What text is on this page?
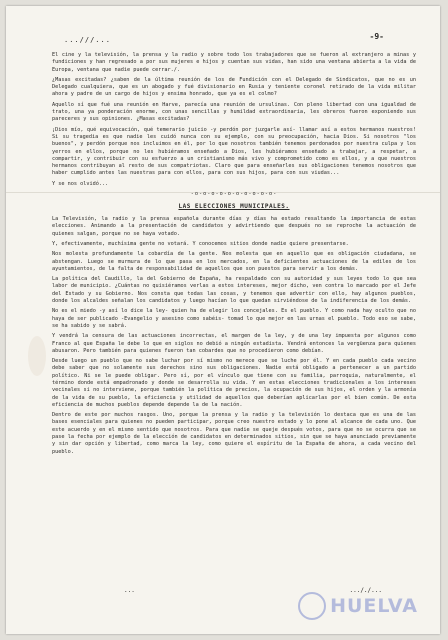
...///...	-9-

El cine y la televisión, la prensa y la radio y sobre todo los trabajadores que se fueron al extranjero a minas y fundiciones y han regresado a por sus mujeres e hijos y cuentan sus vidas, han sido una ventana abierta a la vida de Europa, ventana que nadie puede cerrar./.

¿Masas excitadas? ¿saben de la última reunión de los de Fundición con el Delegado de Sindicatos, que no es un Delegado cualquiera, que es un abogado y fué divisionario en Rusia y teniente coronel retirado de la vida militar ahora y padre de un cargo de hijos y ensima honrado, que ya es el colmo?

Aquello sí que fué una reunión en Harve, parecía una reunión de ursulinas. Con pleno libertad con una igualdad de trato, una ya ponderación enorme, con unas sencillas y humildad extraordinaria, les obreros fueron exponiendo sus pareceres y sus opiniones. ¿Masas excitadas?

¡Dios mío, qué equivocación, qué temerario juicio -y perdón por juzgarle así- llamar así a estos hermanos nuestros! Si su tragedia es que nadie les cuidó nunca con su ejemplo, con su preocupación, hacia Dios. Si nosotros "los buenos", y perdón porque nos incluimos en él, por lo que nosotros también tenemos perdonados por nuestra culpa y los yerros en ellos, porque no les hubiéramos enseñado a Dios, les hubiéramos enseñado a trabajar, a respetar, a compartir, y contribuir con su esfuerzo a un cristianismo más vivo y comprometido como es ellos, y a que nuestros hermanos contribuyan al resto de sus compatriotas. Claro que para enseñarles sus obligaciones tenemos nosotros que haber cumplido antes las nuestras para con ellos, para con sus hijos, para con sus viudas...

Y se nos olvidó...

-o-o-o-o-o-o-o-o-o-o-
LAS ELECCIONES MUNICIPALES.

La Televisión, la radio y la prensa española durante días y días ha estado resaltando la importancia de estas elecciones. Animando a la presentación de candidatos y advirtiendo que después no se reproche la actuación de quienes salgan, porque no se haya votado.

Y, efectivamente, muchísima gente no votará. Y conocemos sitios donde nadie quiere presentarse.

Nos molesta profundamente la cobardía de la gente. Nos molesta que en aquello que es obligación ciudadana, se abstengan. Luego se murmura de lo que pasa en los mercados, en la deficientes actuaciones de la ediles de los ayuntamientos, de la falta de responsabilidad de aquellos que son puestos para servir a los demás.

La política del Caudillo, la del Gobierno de España, ha respaldado con su autoridad y sus leyes todo lo que sea labor de municipio. ¿Cuántas no quisiéramos verlas a estos intereses, mejor dicho, ven contra lo marcado por el Jefe del Estado y su Gobierno. Nos consta que todas las cosas, y tenemos que advertir con ello, hay algunos pueblos, donde los alcaldes señalan los candidatos y luego hacían lo que quedan sirviéndose de la indiferencia de los demás.

No es el miedo -y así lo dice la ley- quien ha de elegir los concejales. Es el pueblo. Y como nada hay oculto que no haya de ser publicado -Evangelio y asesino como sabéis- tomad lo que mejor en las urnas el pueblo. Todo eso se sabe, se ha sabido y se sabrá.

Y vendrá la censura de las actuaciones incorrectas, el margen de la ley, y de una ley impuesta por algunos como Franco al que España le debe lo que en siglos no debió a ningún estadista. Vendrá entonces la vergüenza para quienes abusaron. Pero también para quienes fueron tan cobardes que no procedieron como debían.

Desde luego un pueblo que no sabe luchar por sí mismo no merece que se luche por él. Y en cada pueblo cada vecino debe saber que no solamente sus derechos sino sus obligaciones. Nadie está obligado a pertenecer a un partido político. Ni se le puede obligar. Pero sí, por el vínculo que tiene con su familia, parroquia, naturalmente, el término donde está empadronado y donde se desarrolla su vida. Y en estas elecciones tradicionales a los intereses vecinales si no interviene, porque también la política de precios, la ocupación de sus hijos, el orden y la armonía de la vida de su pueblo, la eficiencia y utilidad de aquellos que deberían aplicarlas por el bien común. De esta eficiencia de muchos pueblos depende depende la de la nación.

Dentro de este por muchos rasgos. Uno, porque la prensa y la radio y la televisión lo destaca que es una de las bases esenciales para quienes no pueden participar, porque creo nuestro estado y lo pone al alcance de cada uno. Que este acuerdo y en el mismo sentido que nosotros. Para que nadie se queje después votos, para que no se ocurra que se pase la fecha por ejemplo de la elección de candidatos en determinados sitios, sin que se haya anunciado previamente y sin dar opción y libertad, como marca la ley, como quiere el espíritu de la España de ahora, a cada vecino del pueblo.

...	..././...
HUELVA
